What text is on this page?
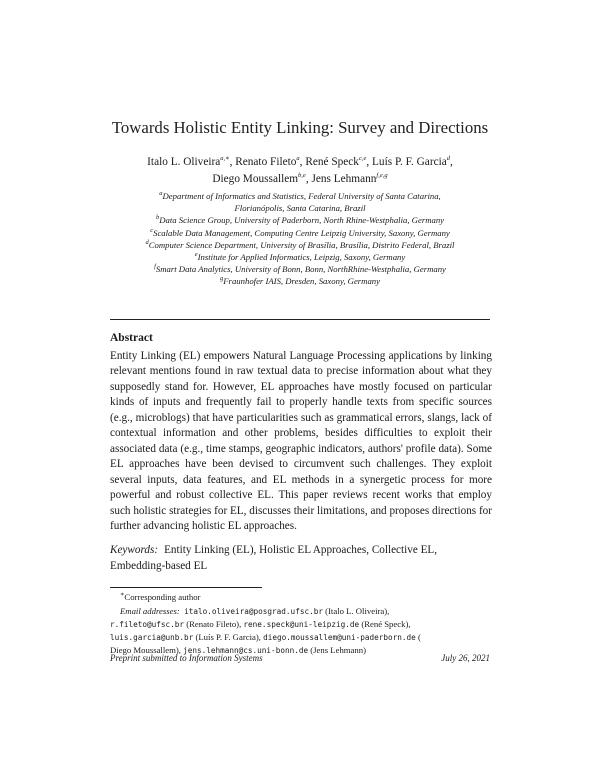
Towards Holistic Entity Linking: Survey and Directions
Italo L. Oliveira$^{a,∗}$, Renato Fileto$^a$, René Speck$^{c,e}$, Luís P. F. Garcia$^d$,
Diego Moussallem$^{b,e}$, Jens Lehmann$^{f,e,g}$
$^a$Department of Informatics and Statistics, Federal University of Santa Catarina,
Florianópolis, Santa Catarina, Brazil
$^b$Data Science Group, University of Paderborn, North Rhine-Westphalia, Germany
$^c$Scalable Data Management, Computing Centre Leipzig University, Saxony, Germany
$^d$Computer Science Department, University of Brasília, Brasília, Distrito Federal, Brazil
$^e$Institute for Applied Informatics, Leipzig, Saxony, Germany
$^f$Smart Data Analytics, University of Bonn, Bonn, NorthRhine-Westphalia, Germany
$^g$Fraunhofer IAIS, Dresden, Saxony, Germany
Abstract
Entity Linking (EL) empowers Natural Language Processing applications by linking relevant mentions found in raw textual data to precise information about what they supposedly stand for. However, EL approaches have mostly focused on particular kinds of inputs and frequently fail to properly handle texts from specific sources (e.g., microblogs) that have particularities such as grammatical errors, slangs, lack of contextual information and other problems, besides difficulties to exploit their associated data (e.g., time stamps, geographic indicators, authors' profile data). Some EL approaches have been devised to circumvent such challenges. They exploit several inputs, data features, and EL methods in a synergetic process for more powerful and robust collective EL. This paper reviews recent works that employ such holistic strategies for EL, discusses their limitations, and proposes directions for further advancing holistic EL approaches.
Keywords: Entity Linking (EL), Holistic EL Approaches, Collective EL, Embedding-based EL
∗Corresponding author
Email addresses: italo.oliveira@posgrad.ufsc.br (Italo L. Oliveira),
r.fileto@ufsc.br (Renato Fileto), rene.speck@uni-leipzig.de (René Speck),
luis.garcia@unb.br (Luís P. F. Garcia), diego.moussallem@uni-paderborn.de (
Diego Moussallem), jens.lehmann@cs.uni-bonn.de (Jens Lehmann)
Preprint submitted to Information Systems	July 26, 2021
